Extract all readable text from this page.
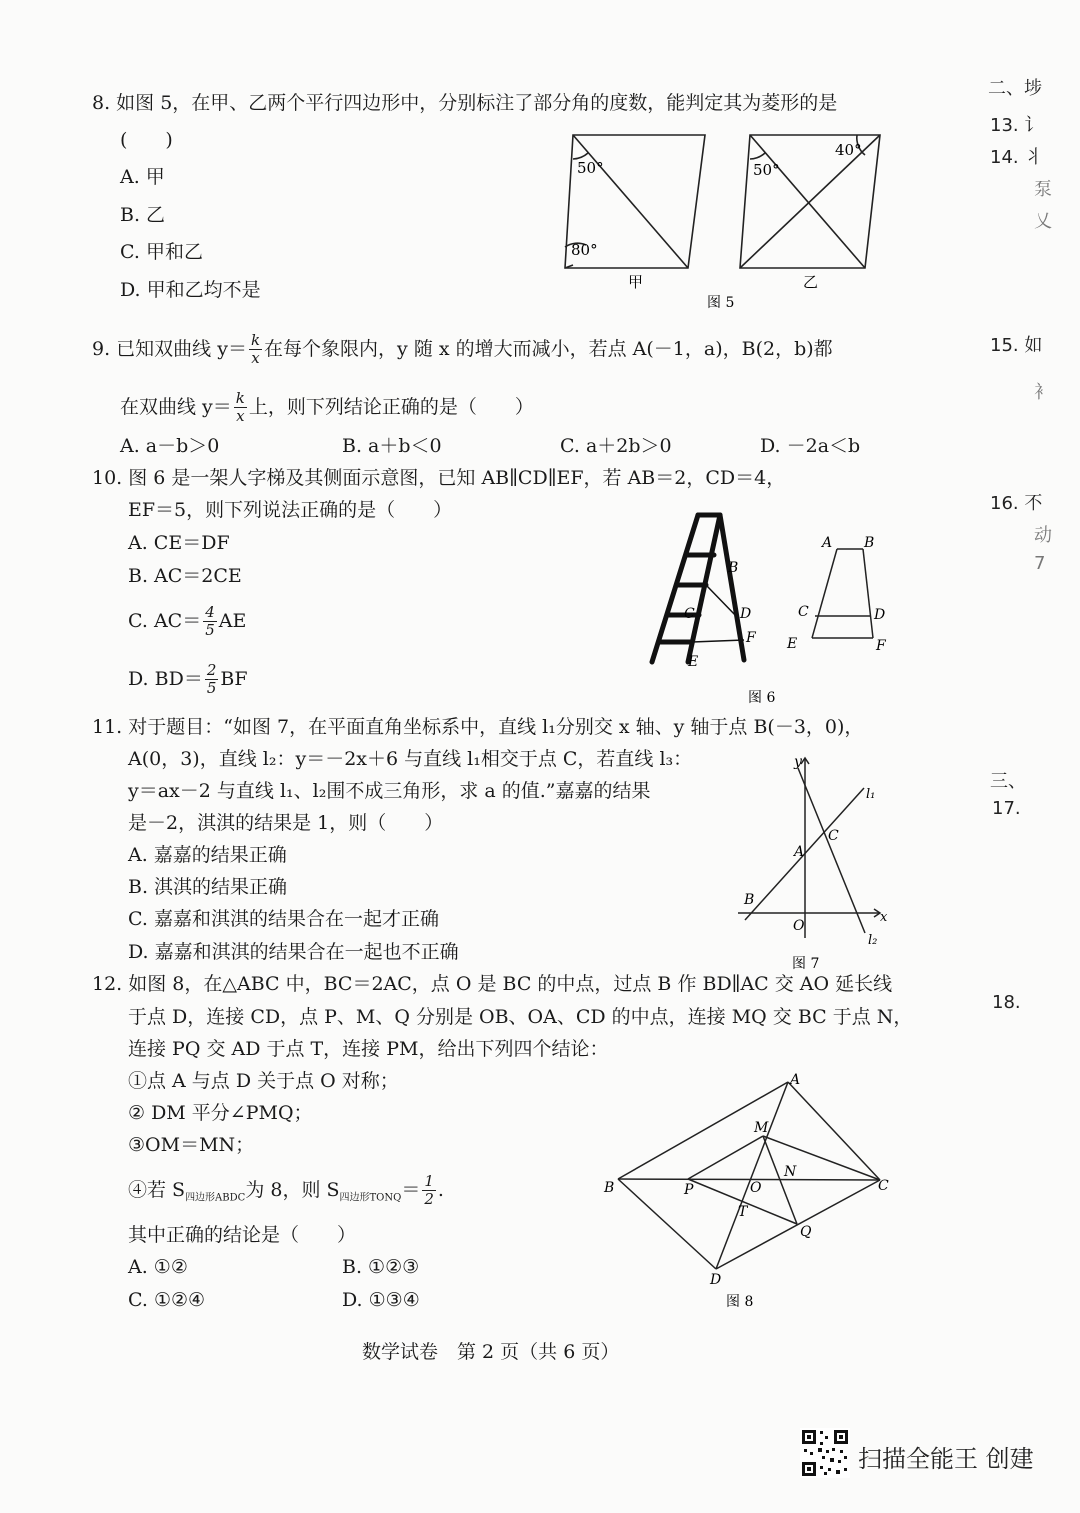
8. 如图 5，在甲、乙两个平行四边形中，分别标注了部分角的度数，能判定其为菱形的是
(　　)
A. 甲
B. 乙
C. 甲和乙
D. 甲和乙均不是
50°
80°
50°
40°
甲	乙
图 5
9. 已知双曲线 $y= \frac{k}{x}$ 在每个象限内，y 随 x 的增大而减小，若点 A(－1，a)，B(2，b)都
在双曲线 $y= \frac{k}{x}$ 上，则下列结论正确的是（　　）
A. a－b＞0	B. a＋b＜0	C. a＋2b＞0	D. －2a＜b
10. 图 6 是一架人字梯及其侧面示意图，已知 AB∥CD∥EF，若 AB＝2，CD＝4，
EF＝5，则下列说法正确的是（　　）
A. CE＝DF
B. AC＝2CE
C. $AC= \frac{4}{5}$ AE
D. $BD= \frac{2}{5}$ BF
B
C	D
E
F
A B
C	D
E	F
图 6
11. 对于题目：“如图 7，在平面直角坐标系中，直线 l₁分别交 x 轴、y 轴于点 B(－3，0)，
A(0，3)，直线 l₂：y＝－2x＋6 与直线 l₁相交于点 C，若直线 l₃：
y＝ax－2 与直线 l₁、l₂围不成三角形，求 a 的值.”嘉嘉的结果
是－2，淇淇的结果是 1，则（　　）
A. 嘉嘉的结果正确
B. 淇淇的结果正确
C. 嘉嘉和淇淇的结果合在一起才正确
D. 嘉嘉和淇淇的结果合在一起也不正确
y
x
l₁
l₂
A
B
C
O
图 7
12. 如图 8，在△ABC 中，BC＝2AC，点 O 是 BC 的中点，过点 B 作 BD∥AC 交 AO 延长线
于点 D，连接 CD，点 P、M、Q 分别是 OB、OA、CD 的中点，连接 MQ 交 BC 于点 N，
连接 PQ 交 AD 于点 T，连接 PM，给出下列四个结论：
①点 A 与点 D 关于点 O 对称；
② DM 平分∠PMQ；
③OM＝MN；
④若 $S_{四边形ABDC}$为 8，则 $S_{四边形TONQ}= \frac{1}{2}$ .
其中正确的结论是（　　）
A. ①②	B. ①②③
C. ①②④	D. ①③④
A
B	C
D
M
N
O
P
Q
T
图 8
数学试卷　第 2 页（共 6 页）
二、埗
13. 讠
14. 丬
泵
乂
15. 如
衤
16. 不
动
7
三、
17.
18.
扫描全能王 创建
